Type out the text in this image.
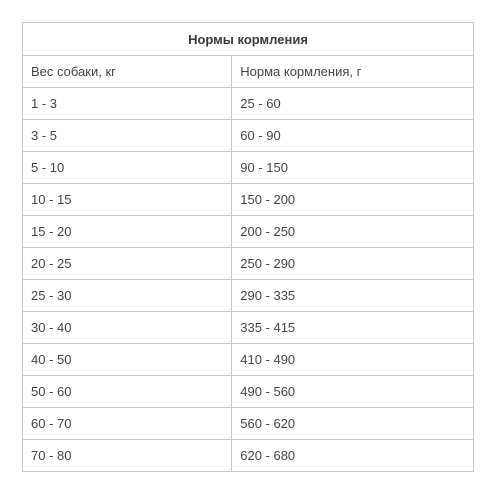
Нормы кормления	
Вес собаки, кг	Норма кормления, г
1 - 3	25 - 60
3 - 5	60 - 90
5 - 10	90 - 150
10 - 15	150 - 200
15 - 20	200 - 250
20 - 25	250 - 290
25 - 30	290 - 335
30 - 40	335 - 415
40 - 50	410 - 490
50 - 60	490 - 560
60 - 70	560 - 620
70 - 80	620 - 680
